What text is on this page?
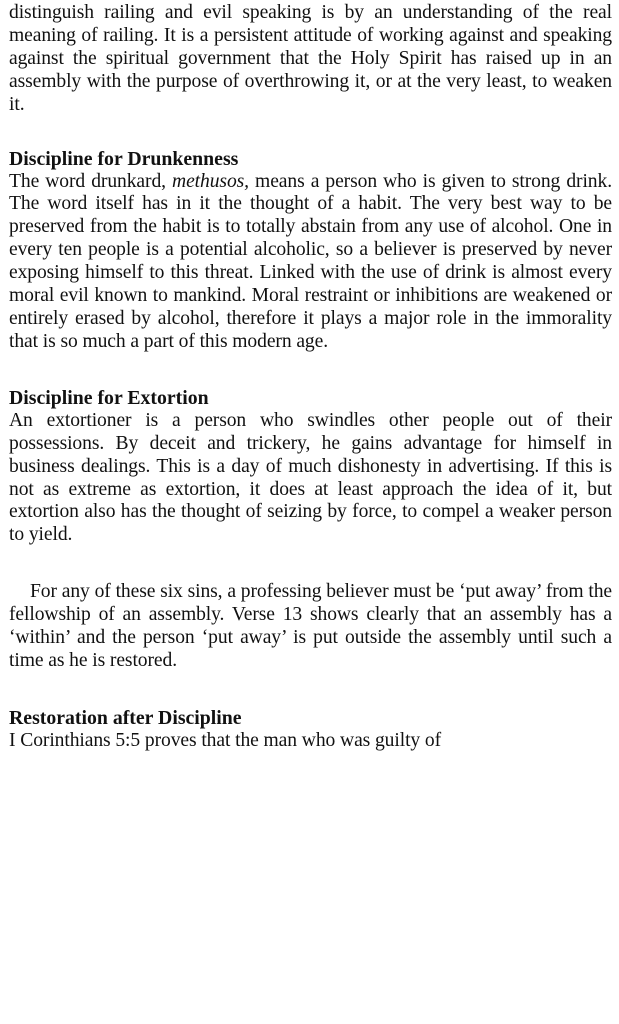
distinguish railing and evil speaking is by an understanding of the real meaning of railing. It is a persistent attitude of working against and speaking against the spiritual government that the Holy Spirit has raised up in an assembly with the purpose of overthrowing it, or at the very least, to weaken it.

Discipline for Drunkenness

The word drunkard, methusos, means a person who is given to strong drink. The word itself has in it the thought of a habit. The very best way to be preserved from the habit is to totally abstain from any use of alcohol. One in every ten people is a potential alcoholic, so a believer is preserved by never exposing himself to this threat. Linked with the use of drink is almost every moral evil known to mankind. Moral restraint or inhibitions are weakened or entirely erased by alcohol, therefore it plays a major role in the immorality that is so much a part of this modern age.

Discipline for Extortion

An extortioner is a person who swindles other people out of their possessions. By deceit and trickery, he gains advantage for himself in business dealings. This is a day of much dishonesty in advertising. If this is not as extreme as extortion, it does at least approach the idea of it, but extortion also has the thought of seizing by force, to compel a weaker person to yield.

For any of these six sins, a professing believer must be ‘put away’ from the fellowship of an assembly. Verse 13 shows clearly that an assembly has a ‘within’ and the person ‘put away’ is put outside the assembly until such a time as he is restored.

Restoration after Discipline

I Corinthians 5:5 proves that the man who was guilty of
